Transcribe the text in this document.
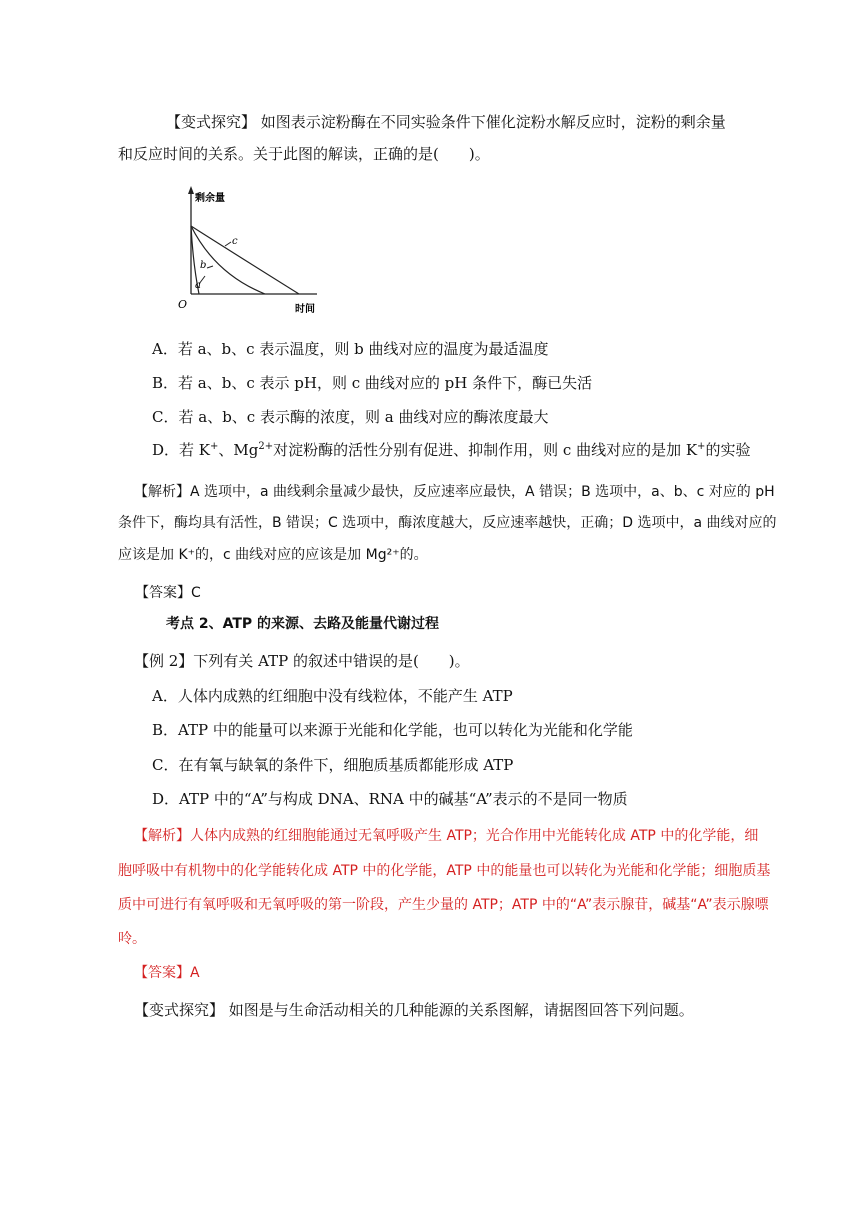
【变式探究】 如图表示淀粉酶在不同实验条件下催化淀粉水解反应时，淀粉的剩余量
和反应时间的关系。关于此图的解读，正确的是(　　)。
剩余量
时间
O
c
b
a
A．若 a、b、c 表示温度，则 b 曲线对应的温度为最适温度
B．若 a、b、c 表示 pH，则 c 曲线对应的 pH 条件下，酶已失活
C．若 a、b、c 表示酶的浓度，则 a 曲线对应的酶浓度最大
D．若 K+、$Mg^{2+}$对淀粉酶的活性分别有促进、抑制作用，则 c 曲线对应的是加 K+的实验
【解析】A 选项中，a 曲线剩余量减少最快，反应速率应最快，A 错误；B 选项中，a、b、c 对应的 pH
条件下，酶均具有活性，B 错误；C 选项中，酶浓度越大，反应速率越快，正确；D 选项中，a 曲线对应的
应该是加 K⁺的，c 曲线对应的应该是加 Mg²⁺的。
【答案】C
考点 2、ATP 的来源、去路及能量代谢过程
【例 2】下列有关 ATP 的叙述中错误的是(　　)。
A．人体内成熟的红细胞中没有线粒体，不能产生 ATP
B．ATP 中的能量可以来源于光能和化学能，也可以转化为光能和化学能
C．在有氧与缺氧的条件下，细胞质基质都能形成 ATP
D．ATP 中的“A”与构成 DNA、RNA 中的碱基“A”表示的不是同一物质
【解析】人体内成熟的红细胞能通过无氧呼吸产生 ATP；光合作用中光能转化成 ATP 中的化学能，细
胞呼吸中有机物中的化学能转化成 ATP 中的化学能，ATP 中的能量也可以转化为光能和化学能；细胞质基
质中可进行有氧呼吸和无氧呼吸的第一阶段，产生少量的 ATP；ATP 中的“A”表示腺苷，碱基“A”表示腺嘌
呤。
【答案】A
【变式探究】 如图是与生命活动相关的几种能源的关系图解，请据图回答下列问题。
